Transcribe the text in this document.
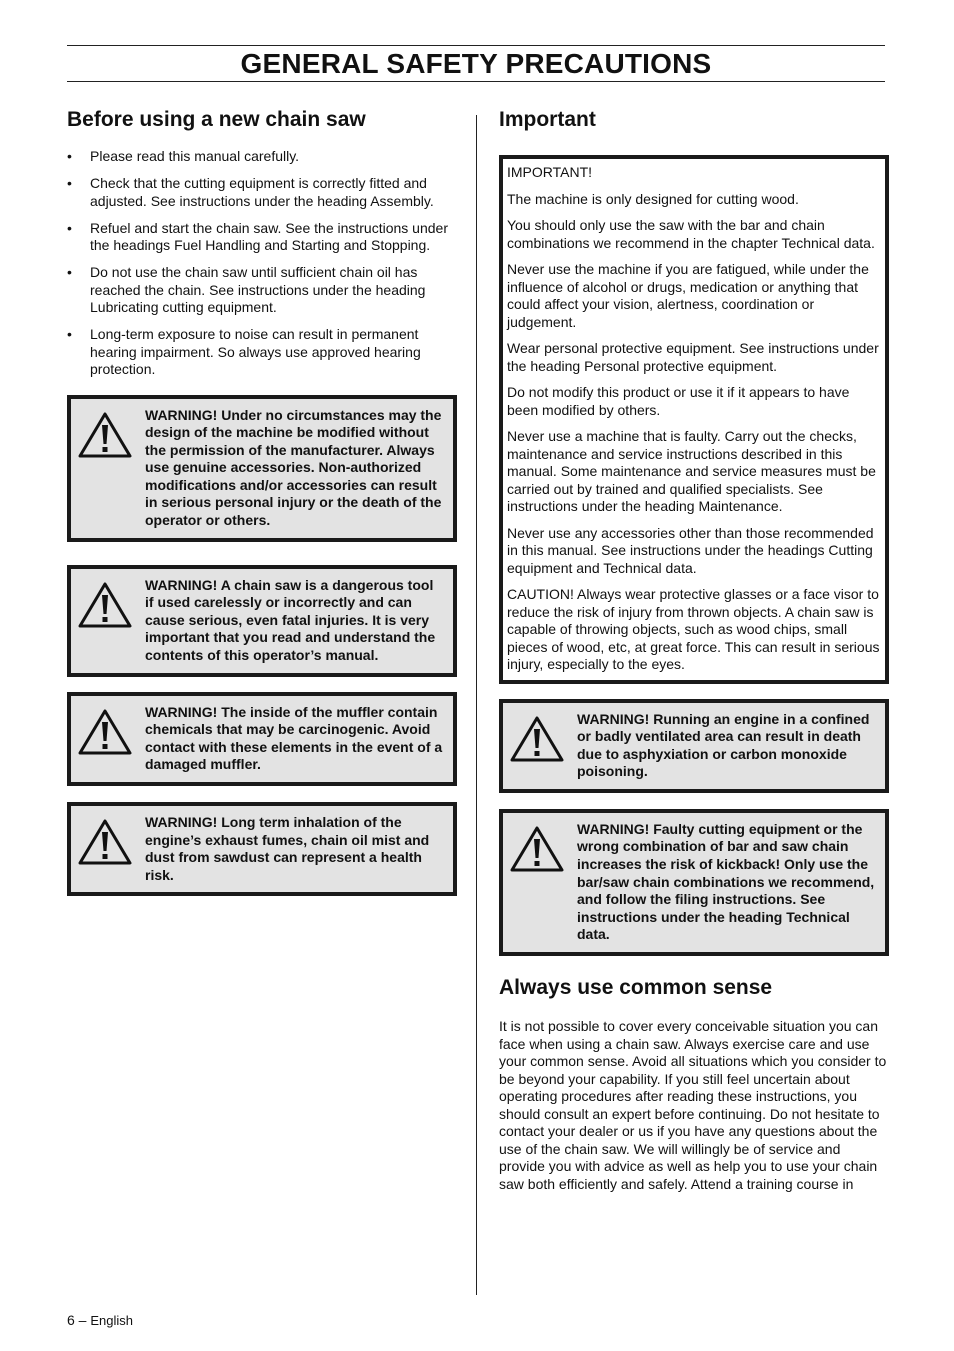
GENERAL SAFETY PRECAUTIONS
Before using a new chain saw
• Please read this manual carefully.
• Check that the cutting equipment is correctly fitted and adjusted. See instructions under the heading Assembly.
• Refuel and start the chain saw. See the instructions under the headings Fuel Handling and Starting and Stopping.
• Do not use the chain saw until sufficient chain oil has reached the chain. See instructions under the heading Lubricating cutting equipment.
• Long-term exposure to noise can result in permanent hearing impairment. So always use approved hearing protection.

WARNING! Under no circumstances may the design of the machine be modified without the permission of the manufacturer. Always use genuine accessories. Non-authorized modifications and/or accessories can result in serious personal injury or the death of the operator or others.

WARNING! A chain saw is a dangerous tool if used carelessly or incorrectly and can cause serious, even fatal injuries. It is very important that you read and understand the contents of this operator’s manual.

WARNING! The inside of the muffler contain chemicals that may be carcinogenic. Avoid contact with these elements in the event of a damaged muffler.

WARNING! Long term inhalation of the engine’s exhaust fumes, chain oil mist and dust from sawdust can represent a health risk.

Important

IMPORTANT!

The machine is only designed for cutting wood.

You should only use the saw with the bar and chain combinations we recommend in the chapter Technical data.

Never use the machine if you are fatigued, while under the influence of alcohol or drugs, medication or anything that could affect your vision, alertness, coordination or judgement.

Wear personal protective equipment. See instructions under the heading Personal protective equipment.

Do not modify this product or use it if it appears to have been modified by others.

Never use a machine that is faulty. Carry out the checks, maintenance and service instructions described in this manual. Some maintenance and service measures must be carried out by trained and qualified specialists. See instructions under the heading Maintenance.

Never use any accessories other than those recommended in this manual. See instructions under the headings Cutting equipment and Technical data.

CAUTION! Always wear protective glasses or a face visor to reduce the risk of injury from thrown objects. A chain saw is capable of throwing objects, such as wood chips, small pieces of wood, etc, at great force. This can result in serious injury, especially to the eyes.

WARNING! Running an engine in a confined or badly ventilated area can result in death due to asphyxiation or carbon monoxide poisoning.

WARNING! Faulty cutting equipment or the wrong combination of bar and saw chain increases the risk of kickback! Only use the bar/saw chain combinations we recommend, and follow the filing instructions. See instructions under the heading Technical data.

Always use common sense

It is not possible to cover every conceivable situation you can face when using a chain saw. Always exercise care and use your common sense. Avoid all situations which you consider to be beyond your capability. If you still feel uncertain about operating procedures after reading these instructions, you should consult an expert before continuing. Do not hesitate to contact your dealer or us if you have any questions about the use of the chain saw. We will willingly be of service and provide you with advice as well as help you to use your chain saw both efficiently and safely. Attend a training course in

6 – English
